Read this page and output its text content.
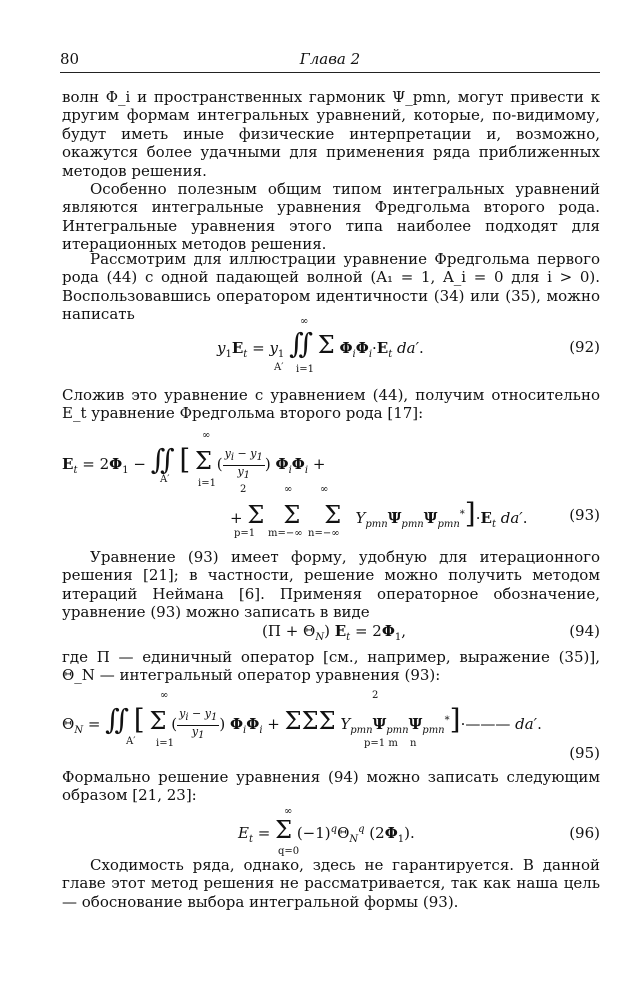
80	Глава 2
волн Φ_i и пространственных гармоник Ψ_pmn, могут привести к другим формам интегральных уравнений, которые, по-видимому, будут иметь иные физические интерпретации и, возможно, окажутся более удачными для применения ряда приближенных методов решения.
Особенно полезным общим типом интегральных уравнений являются интегральные уравнения Фредгольма второго рода. Интегральные уравнения этого типа наиболее подходят для итерационных методов решения.
Рассмотрим для иллюстрации уравнение Фредгольма первого рода (44) с одной падающей волной (A₁ = 1, A_i = 0 для i > 0). Воспользовавшись оператором идентичности (34) или (35), можно написать
$y_1E_t = y_1$ ∬ Σ $\Phi_i\Phi_i\cdot E_t$ da′.
∞
A′ i=1
(92)
Сложив это уравнение с уравнением (44), получим относительно E_t уравнение Фредгольма второго рода [17]:
$E_t = 2\Phi_1$ − ∬ [ Σ ( $\frac{y_i - y_1}{y_1}$ ) $\Phi_i\Phi_i$ +
∞
A′	i=1
+ Σ Σ Σ $Y_{pmn}\Psi_{pmn}\Psi_{pmn}^*]\cdot E_t$ da′.
2	∞	∞
p=1 m=−∞ n=−∞
(93)
Уравнение (93) имеет форму, удобную для итерационного решения [21]; в частности, решение можно получить методом итераций Неймана [6]. Применяя операторное обозначение, уравнение (93) можно записать в виде
$(\Pi + \Theta_N)$ $E_t = 2\Phi_1$,	(94)
где Π — единичный оператор [см., например, выражение (35)], Θ_N — интегральный оператор уравнения (93):
$\Theta_N$ = ∬ [ Σ ( $\frac{y_i - y_1}{y_1}$ ) $\Phi_i\Phi_i + \Sigma\Sigma\Sigma$ $Y_{pmn}\Psi_{pmn}\Psi_{pmn}^*]\cdot———$ da′.
∞
A′ i=1
2
p=1 m n
(95)
Формально решение уравнения (94) можно записать следующим образом [21, 23]:
$E_t = \Sigma$ $(-1)^q\Theta_N^q$ $(2\Phi_1)$.
∞
q=0
(96)
Сходимость ряда, однако, здесь не гарантируется. В данной главе этот метод решения не рассматривается, так как наша цель — обоснование выбора интегральной формы (93).
